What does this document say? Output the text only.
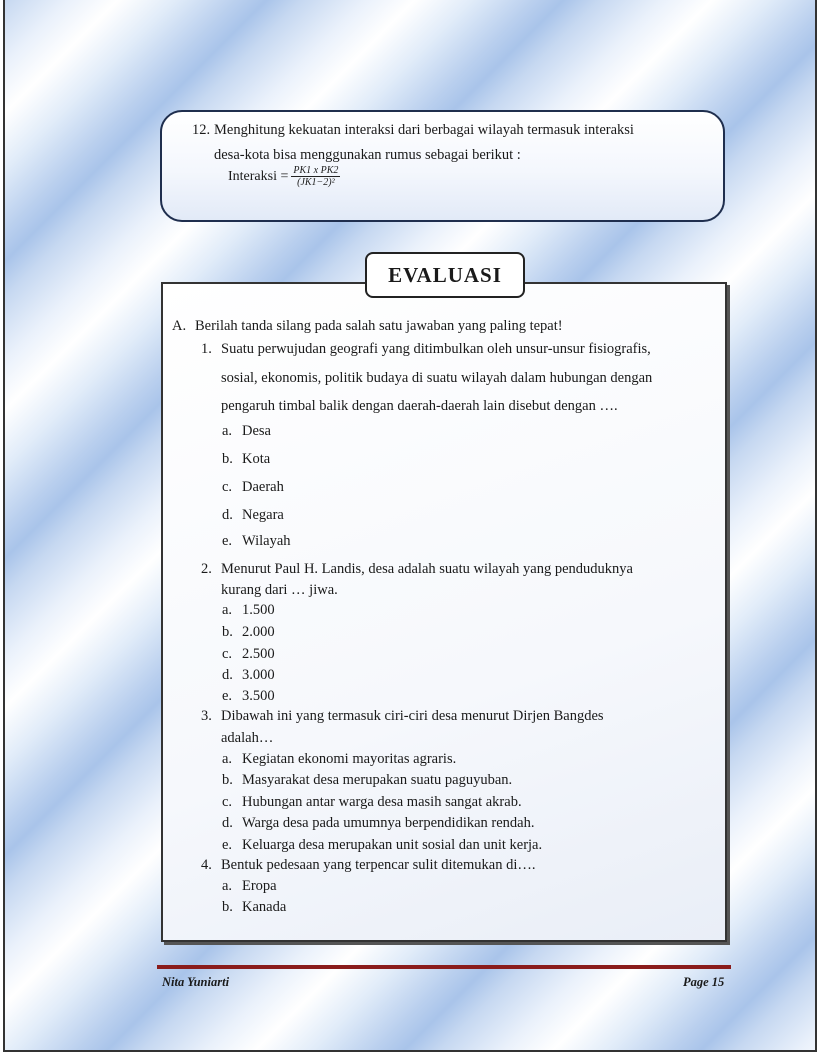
12. Menghitung kekuatan interaksi dari berbagai wilayah termasuk interaksi
desa-kota bisa menggunakan rumus sebagai berikut :
Interaksi = $\frac{\text{PK1 x PK2}}{\text{(JK1−2)²}}$
EVALUASI
A. Berilah tanda silang pada salah satu jawaban yang paling tepat!
1. Suatu perwujudan geografi yang ditimbulkan oleh unsur-unsur fisiografis,
sosial, ekonomis, politik budaya di suatu wilayah dalam hubungan dengan
pengaruh timbal balik dengan daerah-daerah lain disebut dengan ….
a. Desa
b. Kota
c. Daerah
d. Negara
e. Wilayah
2. Menurut Paul H. Landis, desa adalah suatu wilayah yang penduduknya
kurang dari … jiwa.
a. 1.500
b. 2.000
c. 2.500
d. 3.000
e. 3.500
3. Dibawah ini yang termasuk ciri-ciri desa menurut Dirjen Bangdes
adalah…
a. Kegiatan ekonomi mayoritas agraris.
b. Masyarakat desa merupakan suatu paguyuban.
c. Hubungan antar warga desa masih sangat akrab.
d. Warga desa pada umumnya berpendidikan rendah.
e. Keluarga desa merupakan unit sosial dan unit kerja.
4. Bentuk pedesaan yang terpencar sulit ditemukan di….
a. Eropa
b. Kanada
Nita Yuniarti	Page 15
